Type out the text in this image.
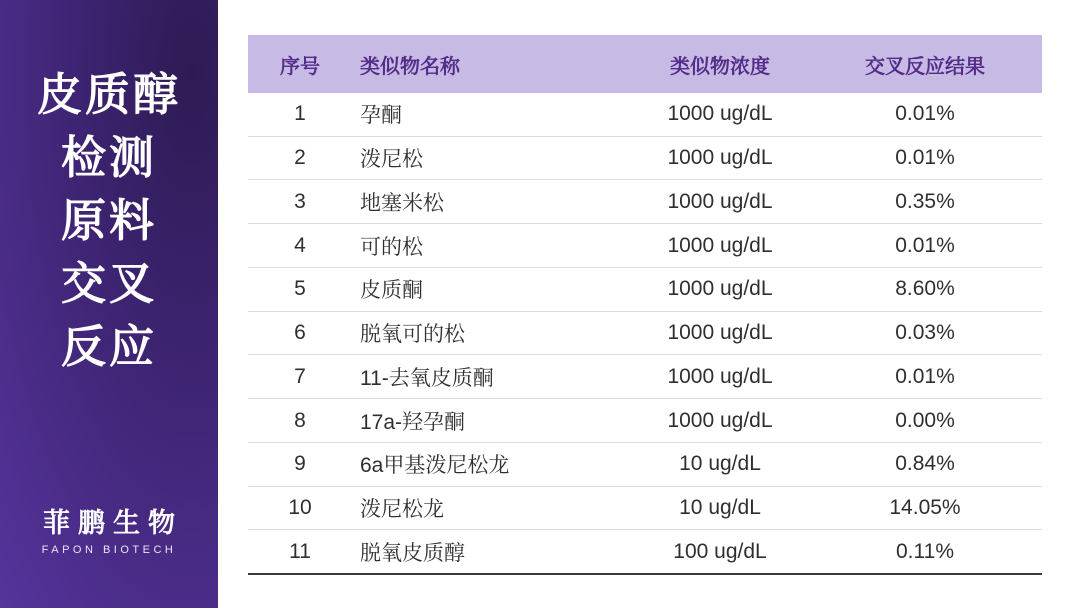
皮质醇
检测
原料
交叉
反应
菲鹏生物
FAPON BIOTECH
序号	类似物名称	类似物浓度	交叉反应结果
1	孕酮	1000 ug/dL	0.01%
2	泼尼松	1000 ug/dL	0.01%
3	地塞米松	1000 ug/dL	0.35%
4	可的松	1000 ug/dL	0.01%
5	皮质酮	1000 ug/dL	8.60%
6	脱氧可的松	1000 ug/dL	0.03%
7	11-去氧皮质酮	1000 ug/dL	0.01%
8	17a-羟孕酮	1000 ug/dL	0.00%
9	6a甲基泼尼松龙	10 ug/dL	0.84%
10	泼尼松龙	10 ug/dL	14.05%
11	脱氧皮质醇	100 ug/dL	0.11%
